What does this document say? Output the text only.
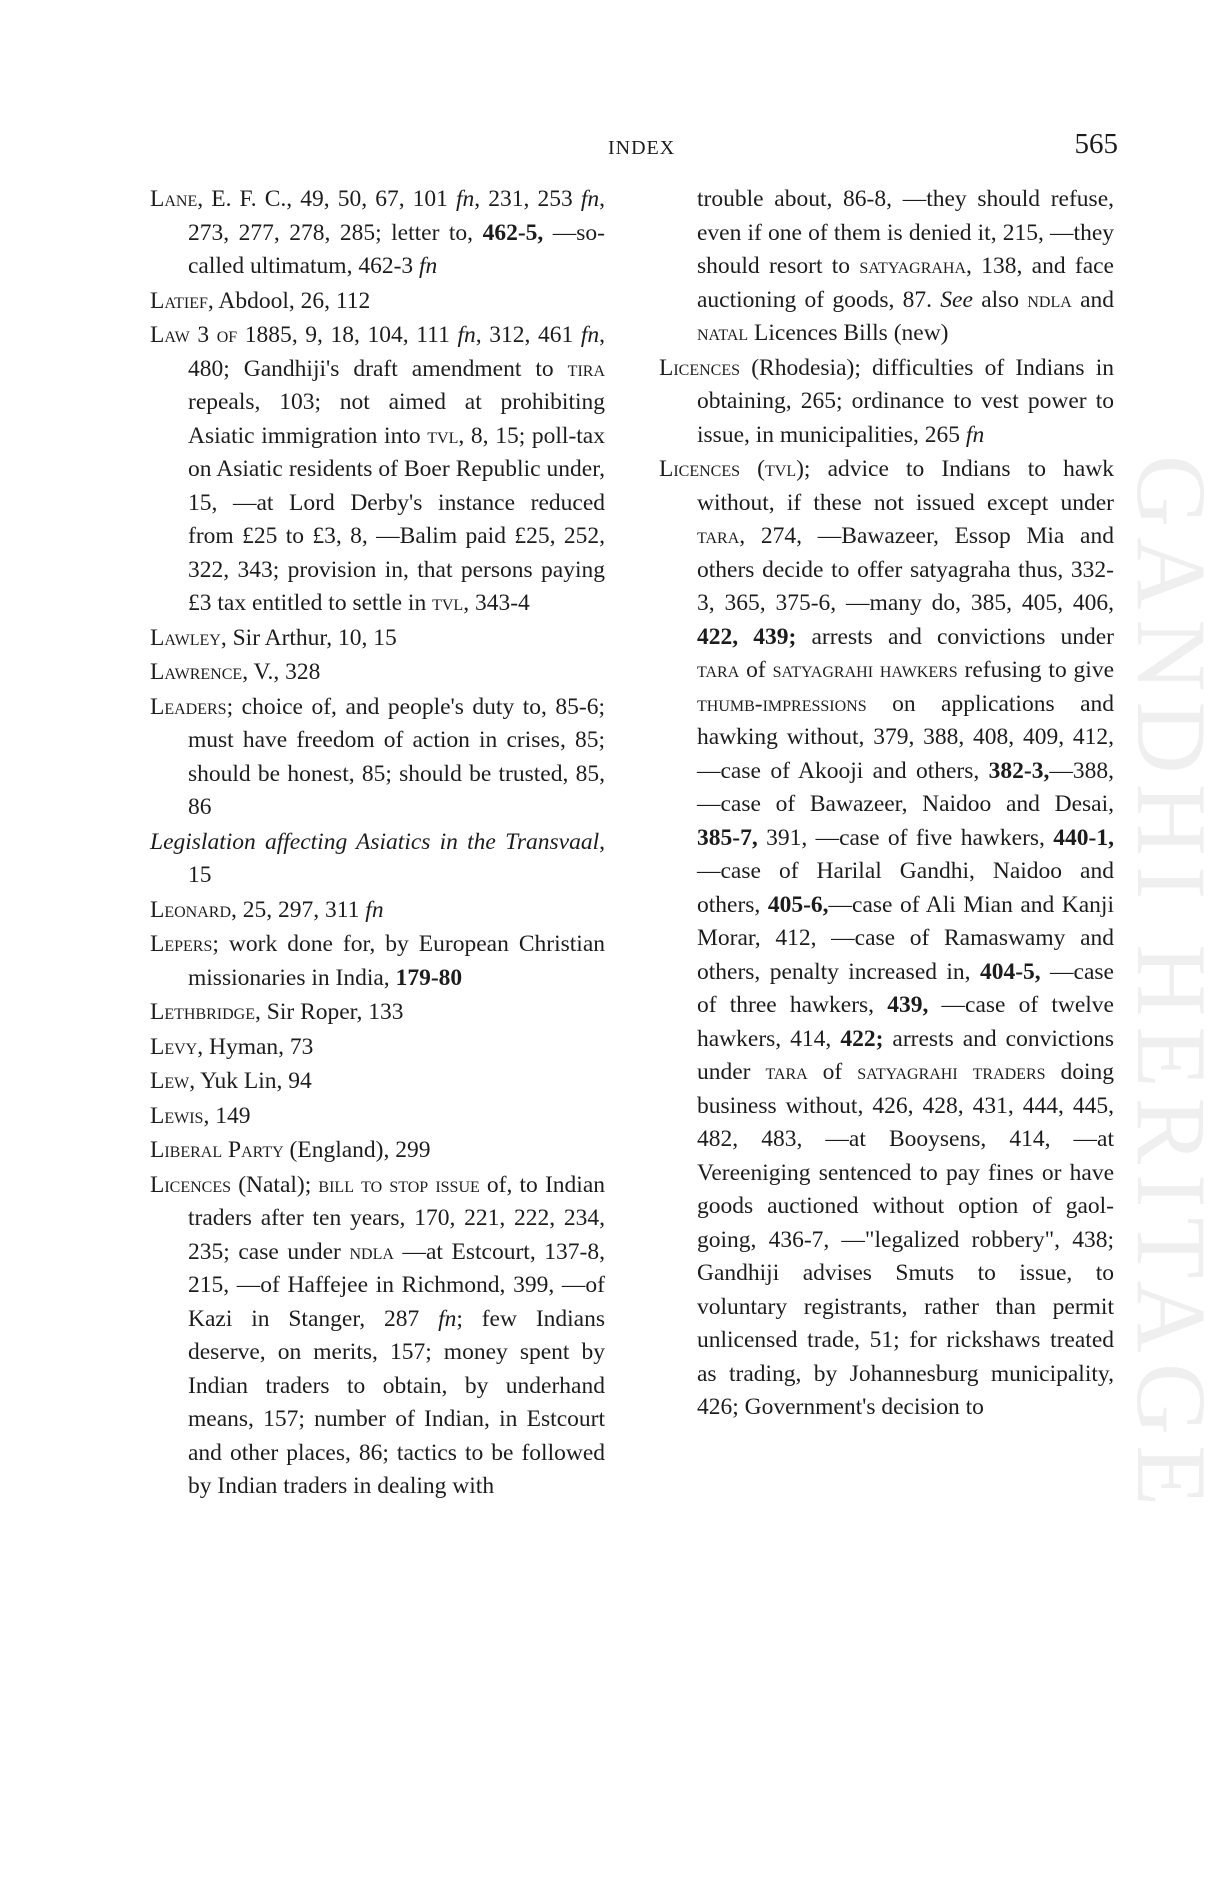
GANDHI HERITAGE
INDEX	565
Lane, E. F. C., 49, 50, 67, 101 fn, 231, 253 fn, 273, 277, 278, 285; letter to, 462-5, —so-called ultimatum, 462-3 fn
Latief, Abdool, 26, 112
Law 3 of 1885, 9, 18, 104, 111 fn, 312, 461 fn, 480; Gandhiji's draft amendment to tira repeals, 103; not aimed at prohibiting Asiatic immigration into tvl, 8, 15; poll-tax on Asiatic residents of Boer Republic under, 15, —at Lord Derby's instance reduced from £25 to £3, 8, —Balim paid £25, 252, 322, 343; provision in, that persons paying £3 tax entitled to settle in tvl, 343-4
Lawley, Sir Arthur, 10, 15
Lawrence, V., 328
Leaders; choice of, and people's duty to, 85-6; must have freedom of action in crises, 85; should be honest, 85; should be trusted, 85, 86
Legislation affecting Asiatics in the Transvaal, 15
Leonard, 25, 297, 311 fn
Lepers; work done for, by European Christian missionaries in India, 179-80
Lethbridge, Sir Roper, 133
Levy, Hyman, 73
Lew, Yuk Lin, 94
Lewis, 149
Liberal Party (England), 299
Licences (Natal); bill to stop issue of, to Indian traders after ten years, 170, 221, 222, 234, 235; case under ndla —at Estcourt, 137-8, 215, —of Haffejee in Richmond, 399, —of Kazi in Stanger, 287 fn; few Indians deserve, on merits, 157; money spent by Indian traders to obtain, by underhand means, 157; number of Indian, in Estcourt and other places, 86; tactics to be followed by Indian traders in dealing with
trouble about, 86-8, —they should refuse, even if one of them is denied it, 215, —they should resort to satyagraha, 138, and face auctioning of goods, 87. See also ndla and natal Licences Bills (new)
Licences (Rhodesia); difficulties of Indians in obtaining, 265; ordinance to vest power to issue, in municipalities, 265 fn
Licences (tvl); advice to Indians to hawk without, if these not issued except under tara, 274, —Bawazeer, Essop Mia and others decide to offer satyagraha thus, 332-3, 365, 375-6, —many do, 385, 405, 406, 422, 439; arrests and convictions under tara of satyagrahi hawkers refusing to give thumb-impressions on applications and hawking without, 379, 388, 408, 409, 412, —case of Akooji and others, 382-3,—388, —case of Bawazeer, Naidoo and Desai, 385-7, 391, —case of five hawkers, 440-1, —case of Harilal Gandhi, Naidoo and others, 405-6,—case of Ali Mian and Kanji Morar, 412, —case of Ramaswamy and others, penalty increased in, 404-5, —case of three hawkers, 439, —case of twelve hawkers, 414, 422; arrests and convictions under tara of satyagrahi traders doing business without, 426, 428, 431, 444, 445, 482, 483, —at Booysens, 414, —at Vereeniging sentenced to pay fines or have goods auctioned without option of gaol-going, 436-7, —"legalized robbery", 438; Gandhiji advises Smuts to issue, to voluntary registrants, rather than permit unlicensed trade, 51; for rickshaws treated as trading, by Johannesburg municipality, 426; Government's decision to
